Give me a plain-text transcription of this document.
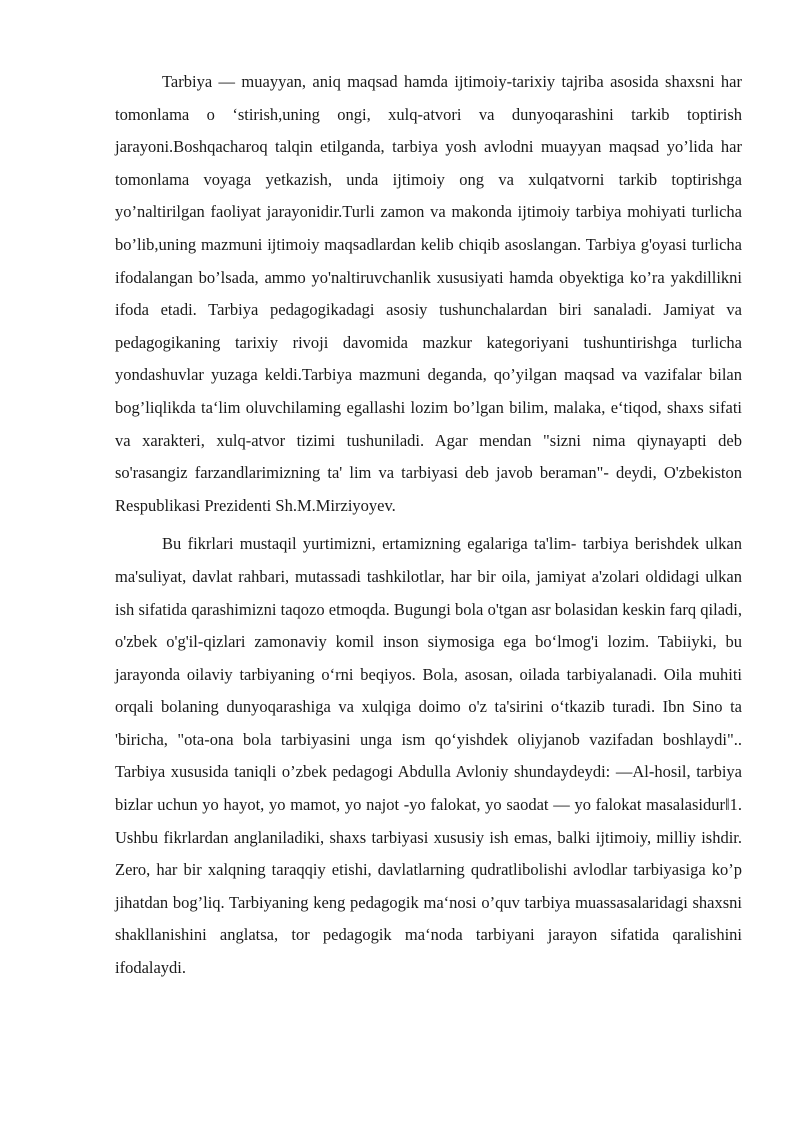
Tarbiya — muayyan, aniq maqsad hamda ijtimoiy-tarixiy tajriba asosida shaxsni har tomonlama o ‘stirish,uning ongi, xulq-atvori va dunyoqarashini tarkib toptirish jarayoni.Boshqacharoq talqin etilganda, tarbiya yosh avlodni muayyan maqsad yo’lida har tomonlama voyaga yetkazish, unda ijtimoiy ong va xulqatvorni tarkib toptirishga yo’naltirilgan faoliyat jarayonidir.Turli zamon va makonda ijtimoiy tarbiya mohiyati turlicha bo’lib,uning mazmuni ijtimoiy maqsadlardan kelib chiqib asoslangan. Tarbiya g'oyasi turlicha ifodalangan bo’lsada, ammo yo'naltiruvchanlik xususiyati hamda obyektiga ko’ra yakdillikni ifoda etadi. Tarbiya pedagogikadagi asosiy tushunchalardan biri sanaladi. Jamiyat va pedagogikaning tarixiy rivoji davomida mazkur kategoriyani tushuntirishga turlicha yondashuvlar yuzaga keldi.Tarbiya mazmuni deganda, qo’yilgan maqsad va vazifalar bilan bog’liqlikda ta‘lim oluvchilaming egallashi lozim bo’lgan bilim, malaka, e‘tiqod, shaxs sifati va xarakteri, xulq-atvor tizimi tushuniladi. Agar mendan "sizni nima qiynayapti deb so'rasangiz farzandlarimizning ta' lim va tarbiyasi deb javob beraman"- deydi, O'zbekiston Respublikasi Prezidenti Sh.M.Mirziyoyev.

Bu fikrlari mustaqil yurtimizni, ertamizning egalariga ta'lim- tarbiya berishdek ulkan ma'suliyat, davlat rahbari, mutassadi tashkilotlar, har bir oila, jamiyat a'zolari oldidagi ulkan ish sifatida qarashimizni taqozo etmoqda. Bugungi bola o'tgan asr bolasidan keskin farq qiladi, o'zbek o'g'il-qizlari zamonaviy komil inson siymosiga ega bo‘lmog'i lozim. Tabiiyki, bu jarayonda oilaviy tarbiyaning o‘rni beqiyos. Bola, asosan, oilada tarbiyalanadi. Oila muhiti orqali bolaning dunyoqarashiga va xulqiga doimo o'z ta'sirini o‘tkazib turadi. Ibn Sino ta 'biricha, "ota-ona bola tarbiyasini unga ism qo‘yishdek oliyjanob vazifadan boshlaydi".. Tarbiya xususida taniqli o’zbek pedagogi Abdulla Avloniy shundaydeydi: —Al-hosil, tarbiya bizlar uchun yo hayot, yo mamot, yo najot -yo falokat, yo saodat — yo falokat masalasidur‖1. Ushbu fikrlardan anglaniladiki, shaxs tarbiyasi xususiy ish emas, balki ijtimoiy, milliy ishdir. Zero, har bir xalqning taraqqiy etishi, davlatlarning qudratlibolishi avlodlar tarbiyasiga ko’p jihatdan bog’liq. Tarbiyaning keng pedagogik ma‘nosi o’quv tarbiya muassasalaridagi shaxsni shakllanishini anglatsa, tor pedagogik ma‘noda tarbiyani jarayon sifatida qaralishini ifodalaydi.
